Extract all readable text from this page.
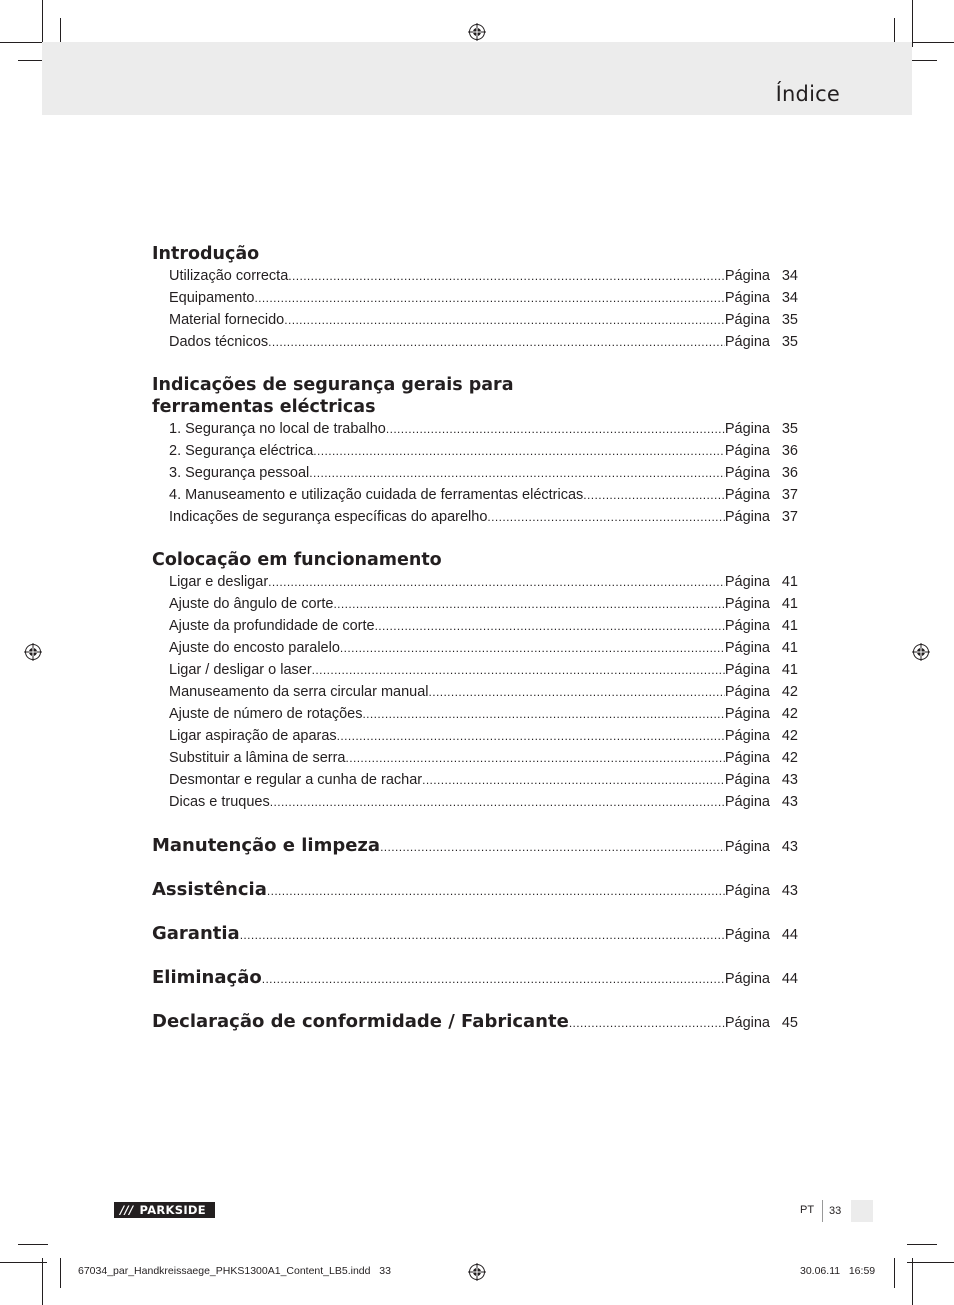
Índice
Introdução
Utilização correcta .....	Página 34
Equipamento .....	Página 34
Material fornecido .....	Página 35
Dados técnicos .....	Página 35
Indicações de segurança gerais para
ferramentas eléctricas
1. Segurança no local de trabalho .....	Página 35
2. Segurança eléctrica .....	Página 36
3. Segurança pessoal .....	Página 36
4. Manuseamento e utilização cuidada de ferramentas eléctricas .....	Página 37
Indicações de segurança específicas do aparelho .....	Página 37
Colocação em funcionamento
Ligar e desligar .....	Página 41
Ajuste do ângulo de corte .....	Página 41
Ajuste da profundidade de corte .....	Página 41
Ajuste do encosto paralelo .....	Página 41
Ligar / desligar o laser .....	Página 41
Manuseamento da serra circular manual .....	Página 42
Ajuste de número de rotações .....	Página 42
Ligar aspiração de aparas .....	Página 42
Substituir a lâmina de serra .....	Página 42
Desmontar e regular a cunha de rachar .....	Página 43
Dicas e truques .....	Página 43
Manutenção e limpeza .....	Página 43
Assistência .....	Página 43
Garantia .....	Página 44
Eliminação .....	Página 44
Declaração de conformidade / Fabricante .....	Página 45
/// PARKSIDE	PT	33
67034_par_Handkreissaege_PHKS1300A1_Content_LB5.indd   33	30.06.11   16:59
